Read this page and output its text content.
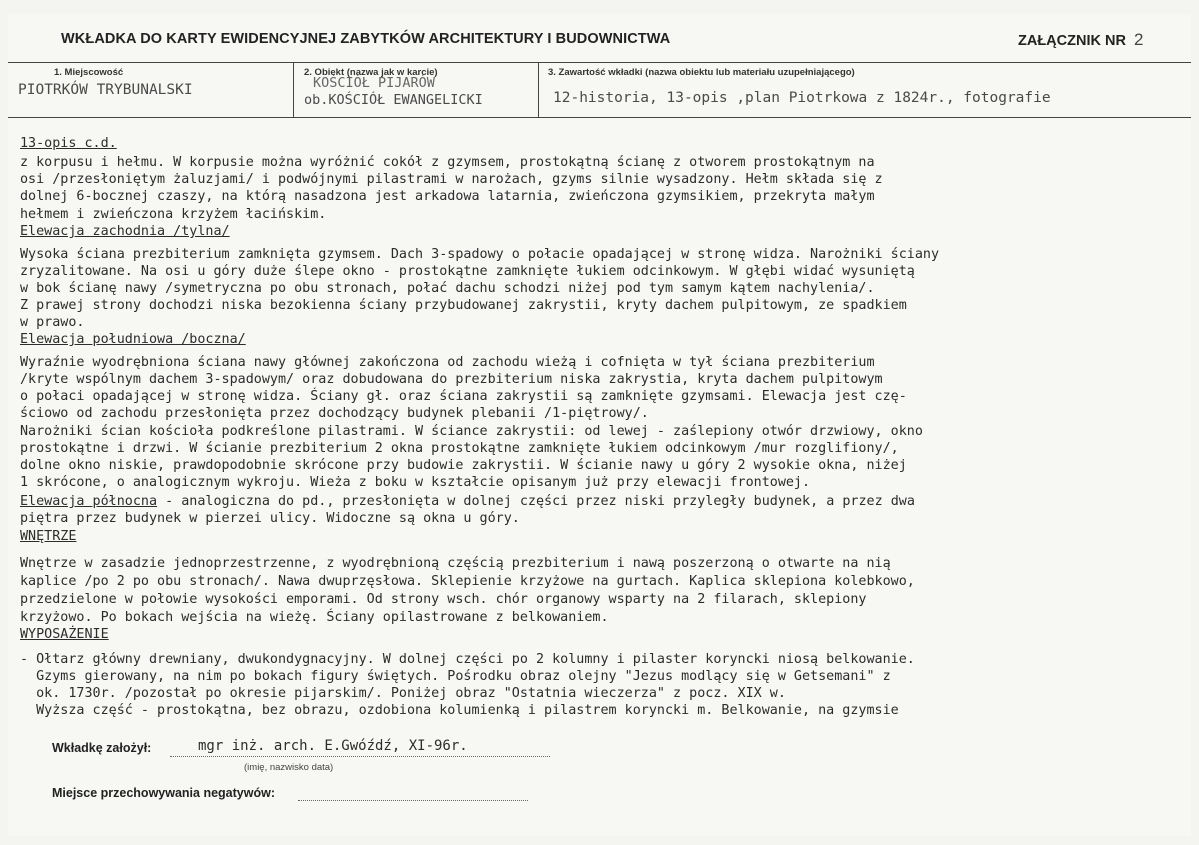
WKŁADKA DO KARTY EWIDENCYJNEJ ZABYTKÓW ARCHITEKTURY I BUDOWNICTWA	ZAŁĄCZNIK NR 2
1. Miejscowość
PIOTRKÓW TRYBUNALSKI
2. Obiekt (nazwa jak w karcie)
KOŚCIÓŁ PIJARÓW
ob.KOŚCIÓŁ EWANGELICKI
3. Zawartość wkładki (nazwa obiektu lub materiału uzupełniającego)
12-historia, 13-opis ,plan Piotrkowa z 1824r., fotografie
13-opis c.d.
z korpusu i hełmu. W korpusie można wyróżnić cokół z gzymsem, prostokątną ścianę z otworem prostokątnym na
osi /przesłoniętym żaluzjami/ i podwójnymi pilastrami w narożach, gzyms silnie wysadzony. Hełm składa się z
dolnej 6-bocznej czaszy, na którą nasadzona jest arkadowa latarnia, zwieńczona gzymsikiem, przekryta małym
hełmem i zwieńczona krzyżem łacińskim.
Elewacja zachodnia /tylna/
Wysoka ściana prezbiterium zamknięta gzymsem. Dach 3-spadowy o połacie opadającej w stronę widza. Narożniki ściany
zryzalitowane. Na osi u góry duże ślepe okno - prostokątne zamknięte łukiem odcinkowym. W głębi widać wysuniętą
w bok ścianę nawy /symetryczna po obu stronach, połać dachu schodzi niżej pod tym samym kątem nachylenia/.
Z prawej strony dochodzi niska bezokienna ściany przybudowanej zakrystii, kryty dachem pulpitowym, ze spadkiem
w prawo.
Elewacja południowa /boczna/
Wyraźnie wyodrębniona ściana nawy głównej zakończona od zachodu wieżą i cofnięta w tył ściana prezbiterium
/kryte wspólnym dachem 3-spadowym/ oraz dobudowana do prezbiterium niska zakrystia, kryta dachem pulpitowym
o połaci opadającej w stronę widza. Ściany gł. oraz ściana zakrystii są zamknięte gzymsami. Elewacja jest czę-
ściowo od zachodu przesłonięta przez dochodzący budynek plebanii /1-piętrowy/.
Narożniki ścian kościoła podkreślone pilastrami. W ściance zakrystii: od lewej - zaślepiony otwór drzwiowy, okno
prostokątne i drzwi. W ścianie prezbiterium 2 okna prostokątne zamknięte łukiem odcinkowym /mur rozglifiony/,
dolne okno niskie, prawdopodobnie skrócone przy budowie zakrystii. W ścianie nawy u góry 2 wysokie okna, niżej
1 skrócone, o analogicznym wykroju. Wieża z boku w kształcie opisanym już przy elewacji frontowej.
Elewacja północna - analogiczna do pd., przesłonięta w dolnej części przez niski przyległy budynek, a przez dwa
piętra przez budynek w pierzei ulicy. Widoczne są okna u góry.
WNĘTRZE
Wnętrze w zasadzie jednoprzestrzenne, z wyodrębnioną częścią prezbiterium i nawą poszerzoną o otwarte na nią
kaplice /po 2 po obu stronach/. Nawa dwuprzęsłowa. Sklepienie krzyżowe na gurtach. Kaplica sklepiona kolebkowo,
przedzielone w połowie wysokości emporami. Od strony wsch. chór organowy wsparty na 2 filarach, sklepiony
krzyżowo. Po bokach wejścia na wieżę. Ściany opilastrowane z belkowaniem.
WYPOSAŻENIE
- Ołtarz główny drewniany, dwukondygnacyjny. W dolnej części po 2 kolumny i pilaster koryncki niosą belkowanie.
Gzyms gierowany, na nim po bokach figury świętych. Pośrodku obraz olejny "Jezus modlący się w Getsemani" z
ok. 1730r. /pozostał po okresie pijarskim/. Poniżej obraz "Ostatnia wieczerza" z pocz. XIX w.
Wyższa część - prostokątna, bez obrazu, ozdobiona kolumienką i pilastrem koryncki m. Belkowanie, na gzymsie
Wkładkę założył:	mgr inż. arch. E.Gwóźdź, XI-96r.
(imię, nazwisko data)
Miejsce przechowywania negatywów:
